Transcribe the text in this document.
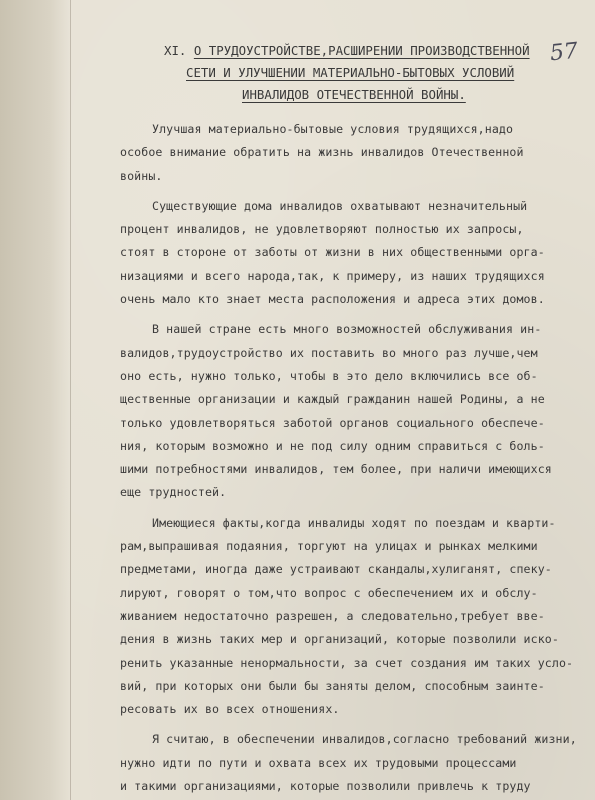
57
XI. О ТРУДОУСТРОЙСТВЕ,РАСШИРЕНИИ ПРОИЗВОДСТВЕННОЙ
СЕТИ И УЛУЧШЕНИИ МАТЕРИАЛЬНО-БЫТОВЫХ УСЛОВИЙ
ИНВАЛИДОВ ОТЕЧЕСТВЕННОЙ ВОЙНЫ.
Улучшая материально-бытовые условия трудящихся,надо
особое внимание обратить на жизнь инвалидов Отечественной
войны.
Существующие дома инвалидов охватывают незначительный
процент инвалидов, не удовлетворяют полностью их запросы,
стоят в стороне от заботы от жизни в них общественными орга-
низациями и всего народа,так, к примеру, из наших трудящихся
очень мало кто знает места расположения и адреса этих домов.
В нашей стране есть много возможностей обслуживания ин-
валидов,трудоустройство их поставить во много раз лучше,чем
оно есть, нужно только, чтобы в это дело включились все об-
щественные организации и каждый гражданин нашей Родины, а не
только удовлетворяться заботой органов социального обеспече-
ния, которым возможно и не под силу одним справиться с боль-
шими потребностями инвалидов, тем более, при наличи имеющихся
еще трудностей.
Имеющиеся факты,когда инвалиды ходят по поездам и кварти-
рам,выпрашивая подаяния, торгуют на улицах и рынках мелкими
предметами, иногда даже устраивают скандалы,хулиганят, спеку-
лируют, говорят о том,что вопрос с обеспечением их и обслу-
живанием недостаточно разрешен, а следовательно,требует вве-
дения в жизнь таких мер и организаций, которые позволили иско-
ренить указанные ненормальности, за счет создания им таких усло-
вий, при которых они были бы заняты делом, способным заинте-
ресовать их во всех отношениях.
Я считаю, в обеспечении инвалидов,согласно требований жизни,
нужно идти по пути и охвата всех их трудовыми процессами
и такими организациями, которые позволили привлечь к труду
